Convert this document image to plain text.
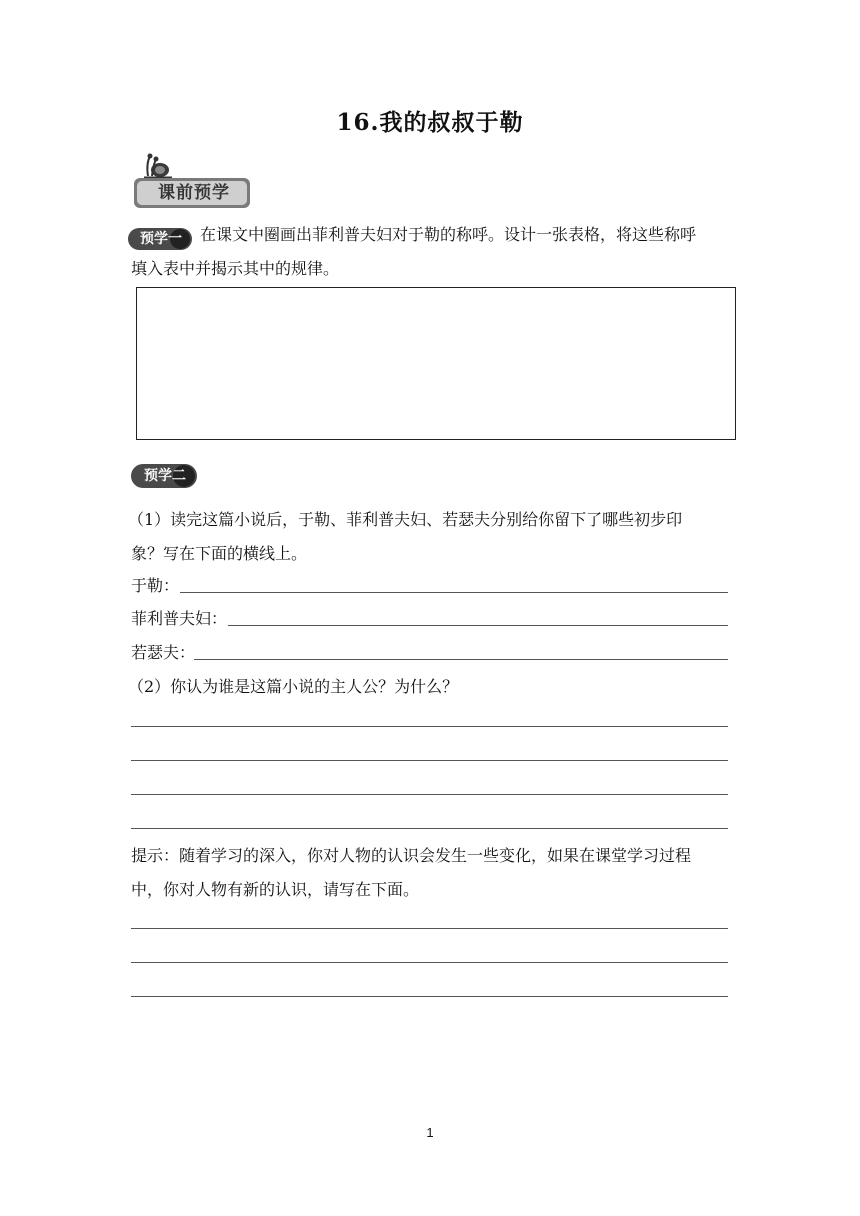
16.我的叔叔于勒
课前预学
预学一	在课文中圈画出菲利普夫妇对于勒的称呼。设计一张表格，将这些称呼
填入表中并揭示其中的规律。
预学二
（1）读完这篇小说后，于勒、菲利普夫妇、若瑟夫分别给你留下了哪些初步印
象？写在下面的横线上。
于勒：
菲利普夫妇：
若瑟夫：
（2）你认为谁是这篇小说的主人公？为什么？
提示：随着学习的深入，你对人物的认识会发生一些变化，如果在课堂学习过程
中，你对人物有新的认识，请写在下面。
1
